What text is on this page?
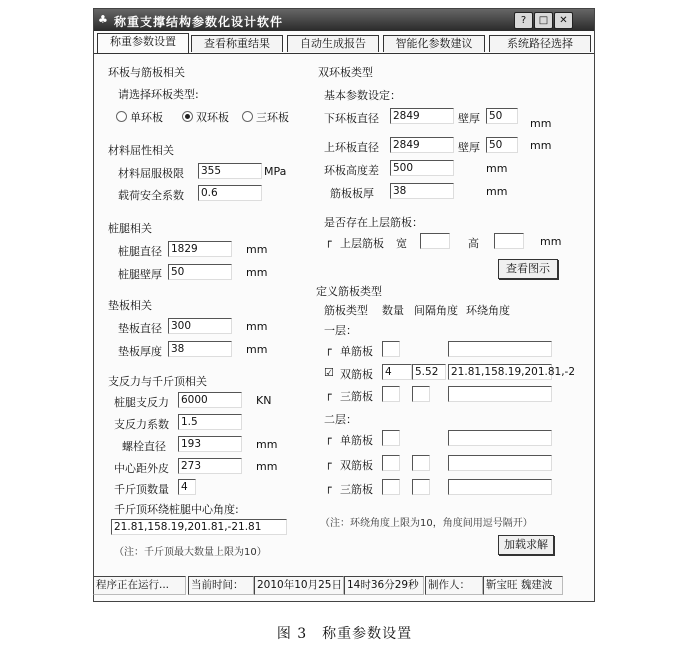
♣ 称重支撑结构参数化设计软件	?	□	✕
称重参数设置	查看称重结果	自动生成报告	智能化参数建议	系统路径选择
环板与筋板相关
请选择环板类型:
单环板	双环板 三环板
材料屈性相关
材料屈服极限 355	MPa
载荷安全系数 0.6
桩腿相关
桩腿直径 1829	mm
桩腿壁厚 50	mm
垫板相关
垫板直径 300	mm
垫板厚度 38	mm
支反力与千斤顶相关
桩腿支反力 6000	KN
支反力系数 1.5
螺栓直径 193	mm
中心距外皮 273	mm
千斤顶数量 4
千斤顶环绕桩腿中心角度:
21.81,158.19,201.81,-21.81
（注：千斤顶最大数量上限为10）
双环板类型
基本参数设定：
下环板直径 2849	壁厚 50
mm
上环板直径 2849	壁厚 50	mm
环板高度差 500	mm
筋板板厚 38	mm
是否存在上层筋板：
┌ 上层筋板 宽	高	mm
查看图示
定义筋板类型
筋板类型 数量 间隔角度 环绕角度
一层：
┌ 单筋板
☑ 双筋板 4	5.52	21.81,158.19,201.81,-2
┌ 三筋板
二层：
┌ 单筋板
┌ 双筋板
┌ 三筋板
（注：环绕角度上限为10，角度间用逗号隔开）
加载求解
程序正在运行...	当前时间：	2010年10月25日 14时36分29秒 制作人：	靳宝旺 魏建波
图 3　称重参数设置
